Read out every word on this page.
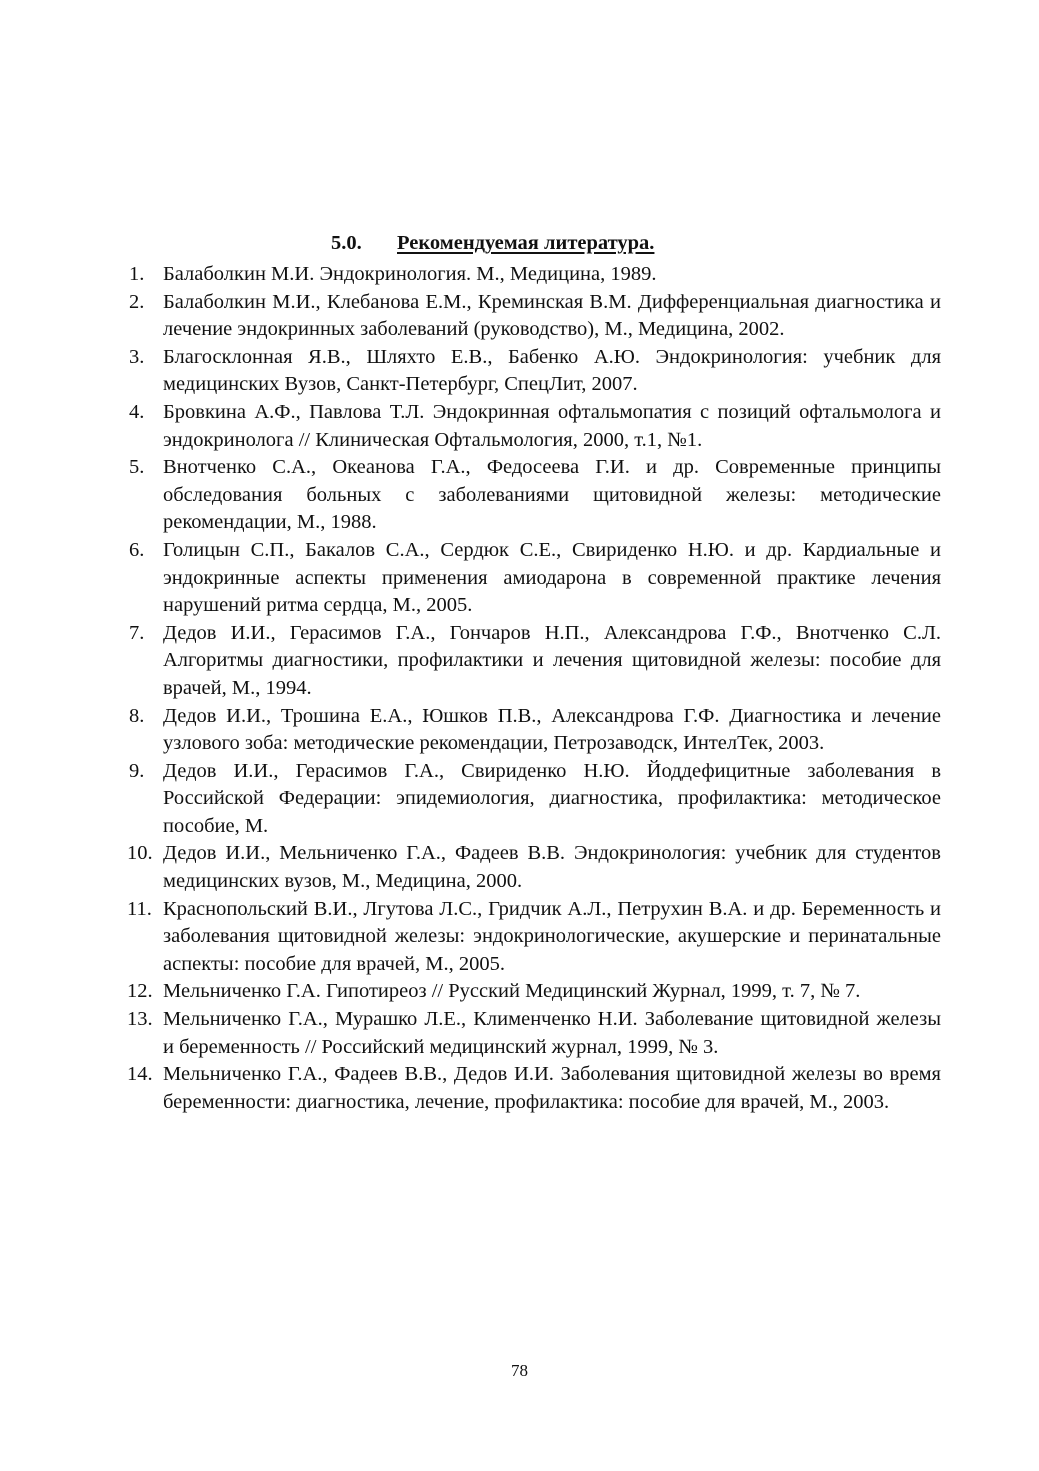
5.0. Рекомендуемая литература.
1. Балаболкин М.И. Эндокринология. М., Медицина, 1989.
2. Балаболкин М.И., Клебанова Е.М., Креминская В.М. Дифференциальная диагностика и лечение эндокринных заболеваний (руководство), М., Медицина, 2002.
3. Благосклонная Я.В., Шляхто Е.В., Бабенко А.Ю. Эндокринология: учебник для медицинских Вузов, Санкт-Петербург, СпецЛит, 2007.
4. Бровкина А.Ф., Павлова Т.Л. Эндокринная офтальмопатия с позиций офтальмолога и эндокринолога // Клиническая Офтальмология, 2000, т.1, №1.
5. Внотченко С.А., Океанова Г.А., Федосеева Г.И. и др. Современные принципы обследования больных с заболеваниями щитовидной железы: методические рекомендации, М., 1988.
6. Голицын С.П., Бакалов С.А., Сердюк С.Е., Свириденко Н.Ю. и др. Кардиальные и эндокринные аспекты применения амиодарона в современной практике лечения нарушений ритма сердца, М., 2005.
7. Дедов И.И., Герасимов Г.А., Гончаров Н.П., Александрова Г.Ф., Внотченко С.Л. Алгоритмы диагностики, профилактики и лечения щитовидной железы: пособие для врачей, М., 1994.
8. Дедов И.И., Трошина Е.А., Юшков П.В., Александрова Г.Ф. Диагностика и лечение узлового зоба: методические рекомендации, Петрозаводск, ИнтелТек, 2003.
9. Дедов И.И., Герасимов Г.А., Свириденко Н.Ю. Йоддефицитные заболевания в Российской Федерации: эпидемиология, диагностика, профилактика: методическое пособие, М.
10. Дедов И.И., Мельниченко Г.А., Фадеев В.В. Эндокринология: учебник для студентов медицинских вузов, М., Медицина, 2000.
11. Краснопольский В.И., Лгутова Л.С., Гридчик А.Л., Петрухин В.А. и др. Беременность и заболевания щитовидной железы: эндокринологические, акушерские и перинатальные аспекты: пособие для врачей, М., 2005.
12. Мельниченко Г.А. Гипотиреоз // Русский Медицинский Журнал, 1999, т. 7, № 7.
13. Мельниченко Г.А., Мурашко Л.Е., Клименченко Н.И. Заболевание щитовидной железы и беременность // Российский медицинский журнал, 1999, № 3.
14. Мельниченко Г.А., Фадеев В.В., Дедов И.И. Заболевания щитовидной железы во время беременности: диагностика, лечение, профилактика: пособие для врачей, М., 2003.
78
